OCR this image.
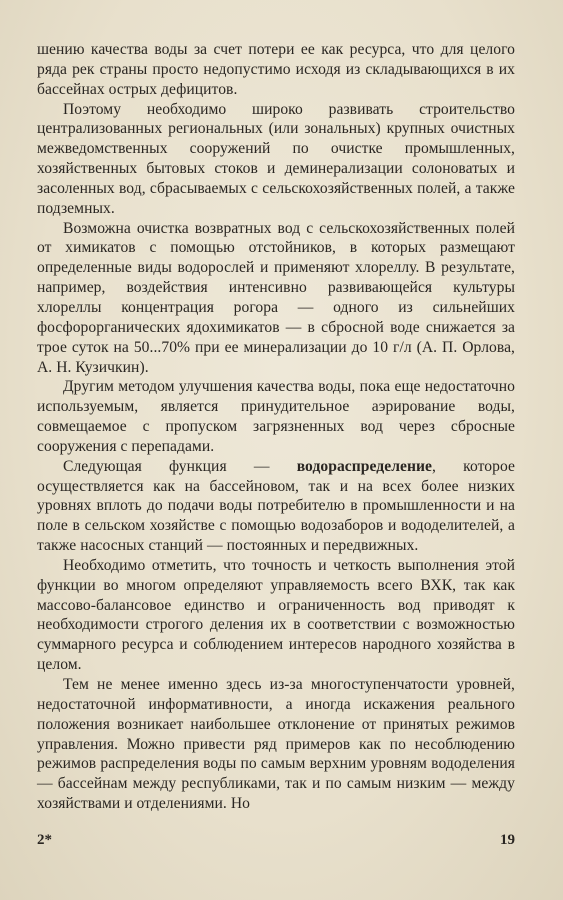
шению качества воды за счет потери ее как ресурса, что для целого ряда рек страны просто недопустимо исходя из складывающихся в их бассейнах острых дефицитов.

Поэтому необходимо широко развивать строительство централизованных региональных (или зональных) крупных очистных межведомственных сооружений по очистке промышленных, хозяйственных бытовых стоков и деминерализации солоноватых и засоленных вод, сбрасываемых с сельскохозяйственных полей, а также подземных.

Возможна очистка возвратных вод с сельскохозяйственных полей от химикатов с помощью отстойников, в которых размещают определенные виды водорослей и применяют хлореллу. В результате, например, воздействия интенсивно развивающейся культуры хлореллы концентрация рогора — одного из сильнейших фосфорорганических ядохимикатов — в сбросной воде снижается за трое суток на 50...70% при ее минерализации до 10 г/л (А. П. Орлова, А. Н. Кузичкин).

Другим методом улучшения качества воды, пока еще недостаточно используемым, является принудительное аэрирование воды, совмещаемое с пропуском загрязненных вод через сбросные сооружения с перепадами.

Следующая функция — водораспределение, которое осуществляется как на бассейновом, так и на всех более низких уровнях вплоть до подачи воды потребителю в промышленности и на поле в сельском хозяйстве с помощью водозаборов и вододелителей, а также насосных станций — постоянных и передвижных.

Необходимо отметить, что точность и четкость выполнения этой функции во многом определяют управляемость всего ВХК, так как массово-балансовое единство и ограниченность вод приводят к необходимости строгого деления их в соответствии с возможностью суммарного ресурса и соблюдением интересов народного хозяйства в целом.

Тем не менее именно здесь из-за многоступенчатости уровней, недостаточной информативности, а иногда искажения реального положения возникает наибольшее отклонение от принятых режимов управления. Можно привести ряд примеров как по несоблюдению режимов распределения воды по самым верхним уровням вододеления — бассейнам между республиками, так и по самым низким — между хозяйствами и отделениями. Но

2*	19
